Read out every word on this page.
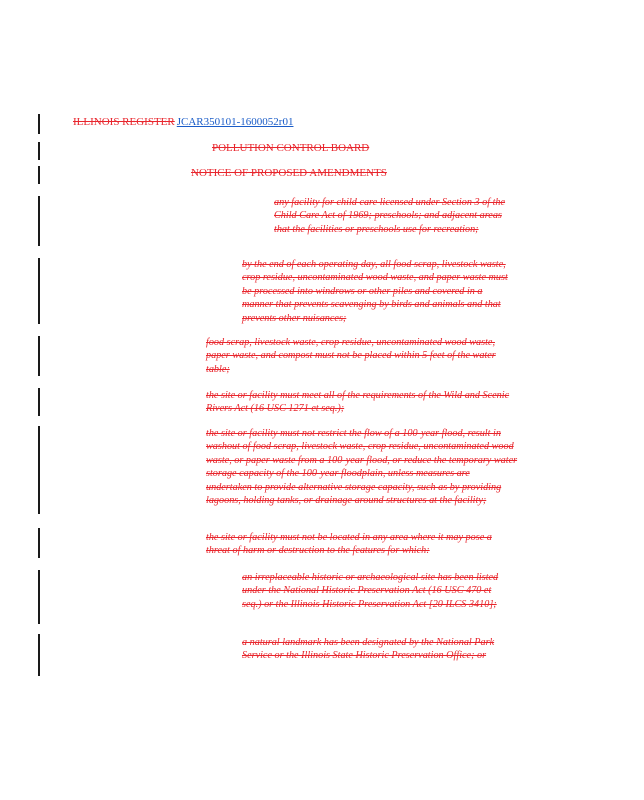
ILLINOIS REGISTER JCAR350101-1600052r01
POLLUTION CONTROL BOARD
NOTICE OF PROPOSED AMENDMENTS

any facility for child care licensed under Section 3 of the Child Care Act of 1969; preschools; and adjacent areas that the facilities or preschools use for recreation;

by the end of each operating day, all food scrap, livestock waste, crop residue, uncontaminated wood waste, and paper waste must be processed into windrows or other piles and covered in a manner that prevents scavenging by birds and animals and that prevents other nuisances;

food scrap, livestock waste, crop residue, uncontaminated wood waste, paper waste, and compost must not be placed within 5 feet of the water table;

the site or facility must meet all of the requirements of the Wild and Scenic Rivers Act (16 USC 1271 et seq.);

the site or facility must not restrict the flow of a 100-year flood, result in washout of food scrap, livestock waste, crop residue, uncontaminated wood waste, or paper waste from a 100-year flood, or reduce the temporary water storage capacity of the 100-year floodplain, unless measures are undertaken to provide alternative storage capacity, such as by providing lagoons, holding tanks, or drainage around structures at the facility;

the site or facility must not be located in any area where it may pose a threat of harm or destruction to the features for which:

an irreplaceable historic or archaeological site has been listed under the National Historic Preservation Act (16 USC 470 et seq.) or the Illinois Historic Preservation Act [20 ILCS 3410];

a natural landmark has been designated by the National Park Service or the Illinois State Historic Preservation Office; or
